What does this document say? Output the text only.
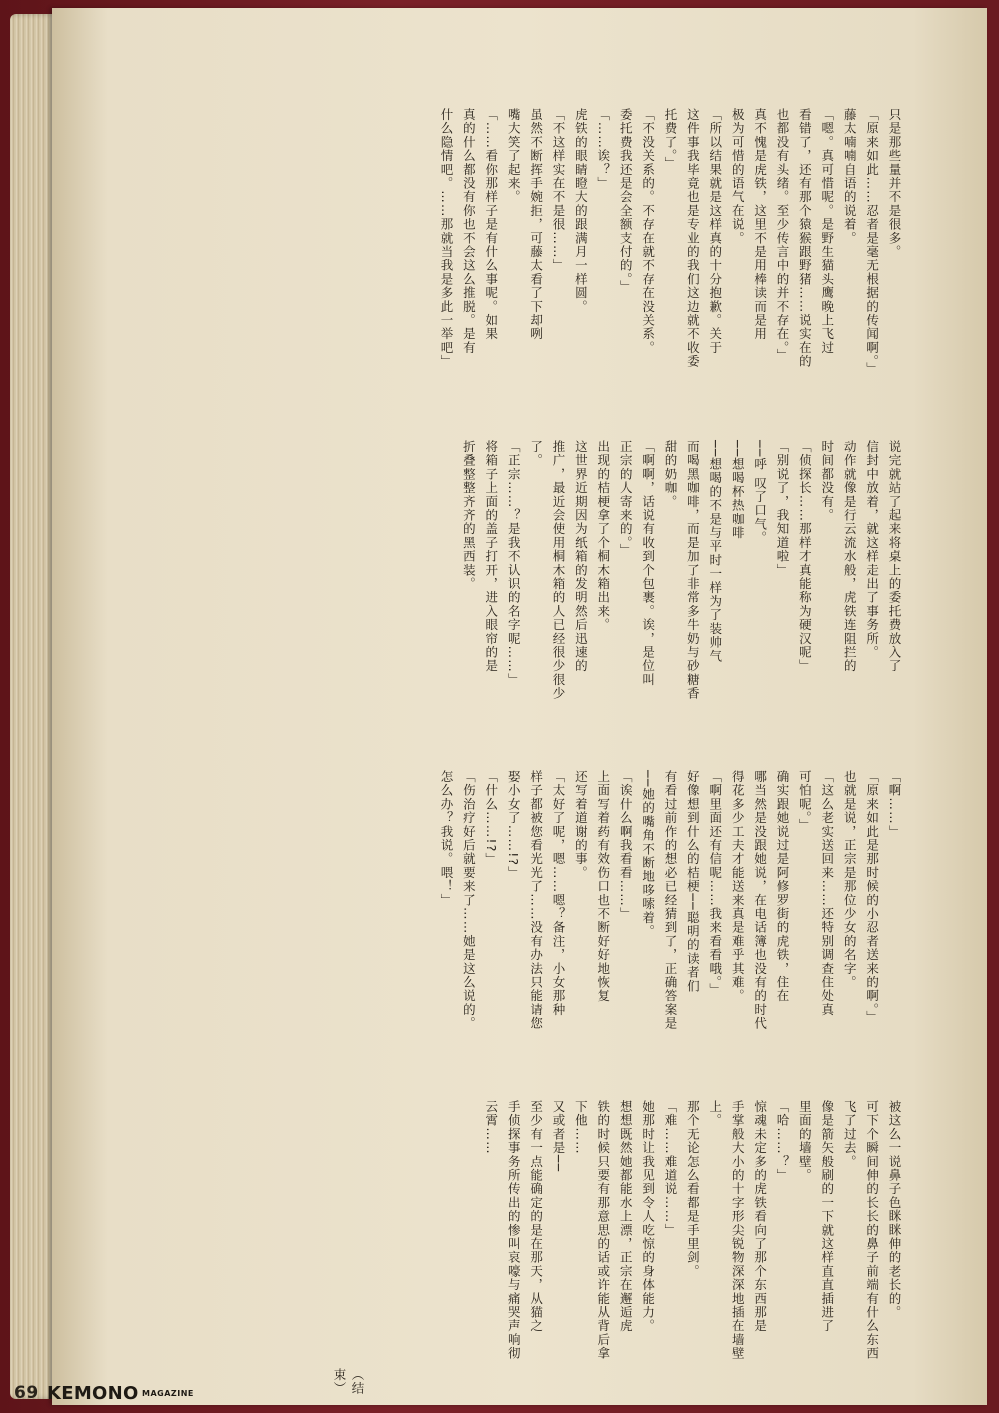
只是那些量并不是很多。
「原来如此……忍者是毫无根据的传闻啊。」
藤太喃喃自语的说着。
「嗯。真可惜呢。是野生猫头鹰晚上飞过
看错了，还有那个猿猴跟野猪……说实在的
也都没有头绪。至少传言中的并不存在。」
真不愧是虎铁，这里不是用棒读而是用
极为可惜的语气在说。
「所以结果就是这样真的十分抱歉。关于
这件事我毕竟也是专业的我们这边就不收委
托费了。」
「不没关系的。不存在就不存在没关系。
委托费我还是会全额支付的。」
「……诶？」
虎铁的眼睛瞪大的跟满月一样圆。
「不这样实在不是很……」
虽然不断挥手婉拒，可藤太看了下却咧
嘴大笑了起来。
「……看你那样子是有什么事呢。如果
真的什么都没有你也不会这么推脱。是有
什么隐情吧。……那就当我是多此一举吧」
说完就站了起来将桌上的委托费放入了
信封中放着，就这样走出了事务所。
动作就像是行云流水般，虎铁连阻拦的
时间都没有。
「侦探长……那样才真能称为硬汉呢」
「别说了，我知道啦」
──呼 叹了口气。
──想喝杯热咖啡
──想喝的不是与平时一样为了装帅气
而喝黑咖啡，而是加了非常多牛奶与砂糖香
甜的奶咖。
「啊啊，话说有收到个包裹。诶，是位叫
正宗的人寄来的。」
出现的桔梗拿了个桐木箱出来。
这世界近期因为纸箱的发明然后迅速的
推广，最近会使用桐木箱的人已经很少很少
了。
「正宗……？是我不认识的名字呢……」
将箱子上面的盖子打开，进入眼帘的是
折叠整整齐齐的黑西装。
「啊……」
「原来如此是那时候的小忍者送来的啊。」
也就是说，正宗是那位少女的名字。
「这么老实送回来……还特别调查住处真
可怕呢。」
确实跟她说过是阿修罗街的虎铁，住在
哪当然是没跟她说，在电话簿也没有的时代
得花多少工夫才能送来真是难乎其难。
「啊里面还有信呢……我来看看哦。」
好像想到什么的桔梗──聪明的读者们
有看过前作的想必已经猜到了，正确答案是
──她的嘴角不断地哆嗦着。
「诶什么啊我看看……」
上面写着药有效伤口也不断好好地恢复
还写着道谢的事。
「太好了呢，嗯……嗯？备注，小女那种
样子都被您看光光了……没有办法只能请您
娶小女了……!?」
「什么……!?」
「伤治疗好后就要来了……她是这么说的。
怎么办？我说。喂！」
被这么一说鼻子色眯眯伸的老长的。
可下个瞬间伸的长长的鼻子前端有什么东西
飞了过去。
像是箭矢般刷的一下就这样直直插进了
里面的墙壁。
「哈……？」
惊魂未定多的虎铁看向了那个东西那是
手掌般大小的十字形尖锐物深深地插在墙壁
上。
那个无论怎么看都是手里剑。
「难……难道说……」
她那时让我见到令人吃惊的身体能力。
想想既然她都能水上漂，正宗在邂逅虎
铁的时候只要有那意思的话或许能从背后拿
下他……
又或者是──
至少有一点能确定的是在那天，从猫之
手侦探事务所传出的惨叫哀嚎与痛哭声响彻
云霄……
（结束）
69 KEMONO MAGAZINE
